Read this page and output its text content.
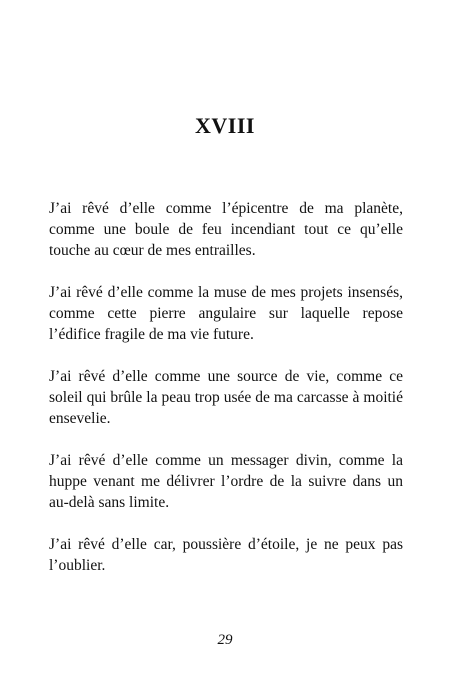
XVIII

J’ai rêvé d’elle comme l’épicentre de ma planète, comme une boule de feu incendiant tout ce qu’elle touche au cœur de mes entrailles.

J’ai rêvé d’elle comme la muse de mes projets insensés, comme cette pierre angulaire sur laquelle repose l’édifice fragile de ma vie future.

J’ai rêvé d’elle comme une source de vie, comme ce soleil qui brûle la peau trop usée de ma carcasse à moitié ensevelie.

J’ai rêvé d’elle comme un messager divin, comme la huppe venant me délivrer l’ordre de la suivre dans un au-delà sans limite.

J’ai rêvé d’elle car, poussière d’étoile, je ne peux pas l’oublier.

29
